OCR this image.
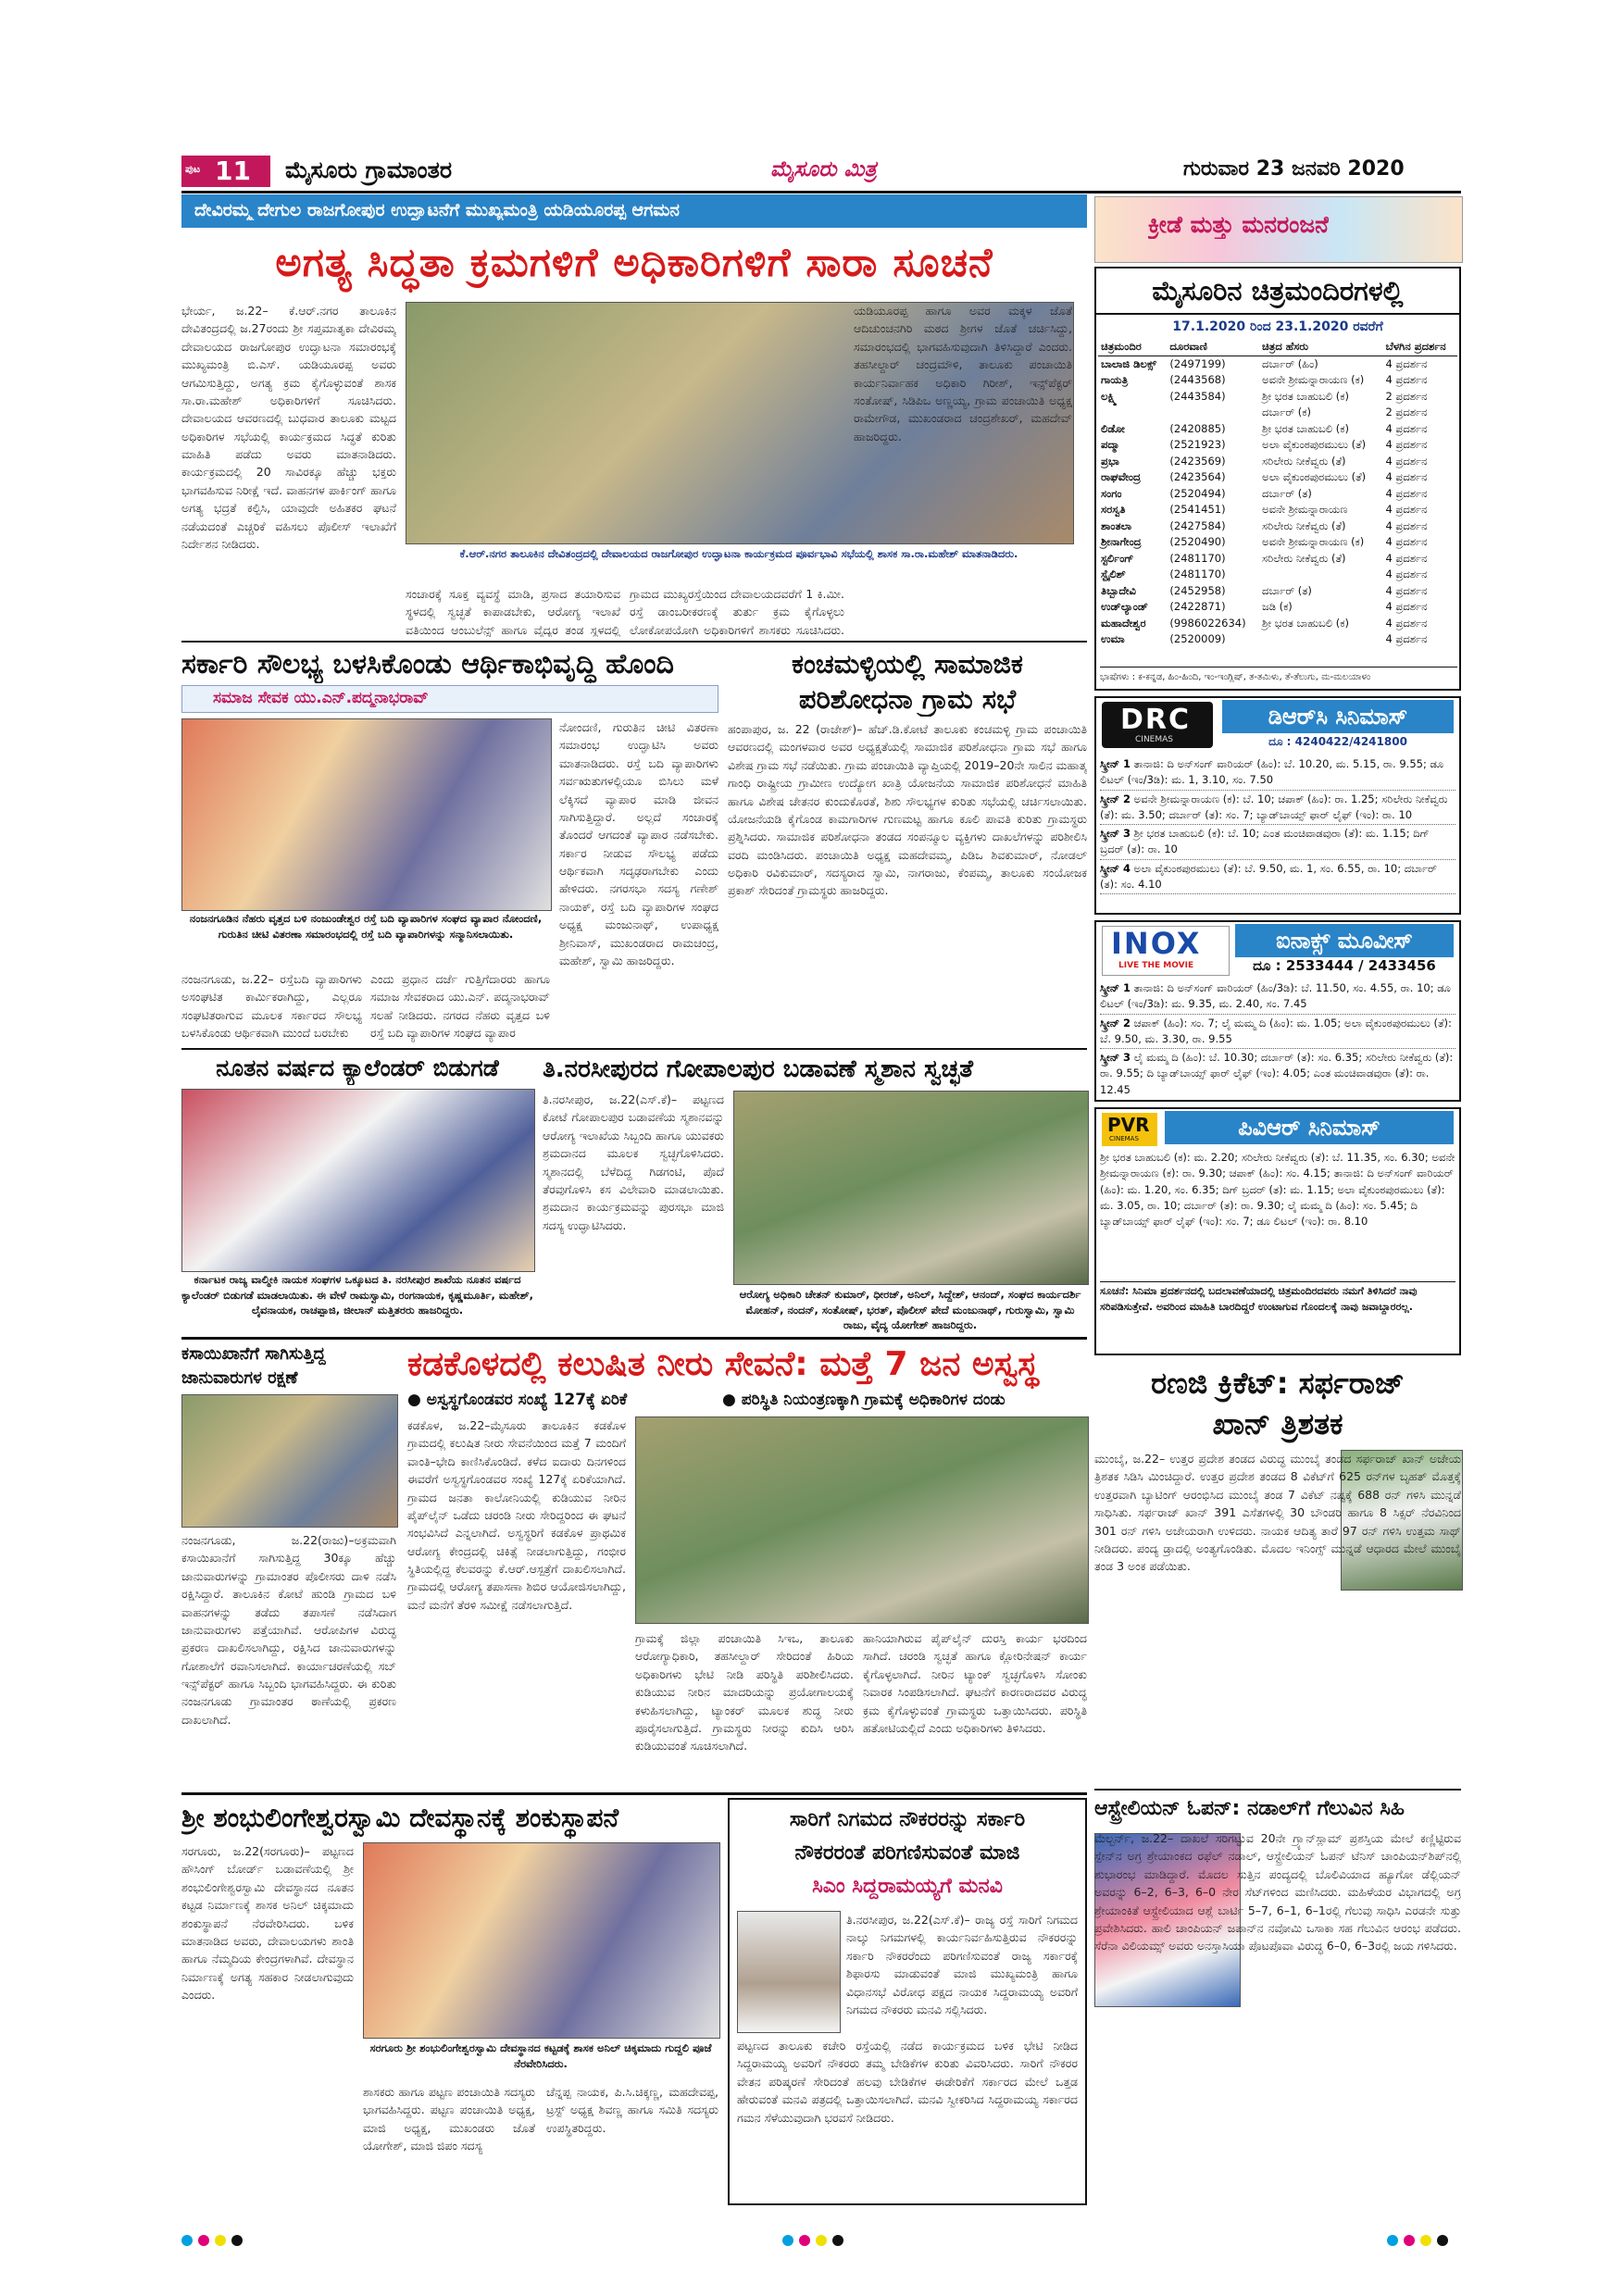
ಪುಟ 11 ಮೈಸೂರು ಗ್ರಾಮಾಂತರ	ಮೈಸೂರು ಮಿತ್ರ	ಗುರುವಾರ 23 ಜನವರಿ 2020
ದೇವಿರಮ್ಮ ದೇಗುಲ ರಾಜಗೋಪುರ ಉದ್ಘಾಟನೆಗೆ ಮುಖ್ಯಮಂತ್ರಿ ಯಡಿಯೂರಪ್ಪ ಆಗಮನ
ಅಗತ್ಯ ಸಿದ್ಧತಾ ಕ್ರಮಗಳಿಗೆ ಅಧಿಕಾರಿಗಳಿಗೆ ಸಾರಾ ಸೂಚನೆ
ಕ್ರೀಡೆ ಮತ್ತು ಮನರಂಜನೆ
ಭೇರ್ಯ, ಜ.22– ಕೆ.ಆರ್.ನಗರ ತಾಲೂಕಿನ ದೇವಿತಂದ್ರದಲ್ಲಿ ಜ.27ರಂದು ಶ್ರೀ ಸಪ್ತಮಾತೃಕಾ ದೇವಿರಮ್ಮ ದೇವಾಲಯದ ರಾಜಗೋಪುರ ಉದ್ಘಾಟನಾ ಸಮಾರಂಭಕ್ಕೆ ಮುಖ್ಯಮಂತ್ರಿ ಬಿ.ಎಸ್. ಯಡಿಯೂರಪ್ಪ ಅವರು ಆಗಮಿಸುತ್ತಿದ್ದು, ಅಗತ್ಯ ಕ್ರಮ ಕೈಗೊಳ್ಳುವಂತೆ ಶಾಸಕ ಸಾ.ರಾ.ಮಹೇಶ್ ಅಧಿಕಾರಿಗಳಿಗೆ ಸೂಚಿಸಿದರು. ದೇವಾಲಯದ ಆವರಣದಲ್ಲಿ ಬುಧವಾರ ತಾಲೂಕು ಮಟ್ಟದ ಅಧಿಕಾರಿಗಳ ಸಭೆಯಲ್ಲಿ ಕಾರ್ಯಕ್ರಮದ ಸಿದ್ಧತೆ ಕುರಿತು ಮಾಹಿತಿ ಪಡೆದು ಅವರು ಮಾತನಾಡಿದರು. ಕಾರ್ಯಕ್ರಮದಲ್ಲಿ 20 ಸಾವಿರಕ್ಕೂ ಹೆಚ್ಚು ಭಕ್ತರು ಭಾಗವಹಿಸುವ ನಿರೀಕ್ಷೆ ಇದೆ. ವಾಹನಗಳ ಪಾರ್ಕಿಂಗ್ ಹಾಗೂ ಅಗತ್ಯ ಭದ್ರತೆ ಕಲ್ಪಿಸಿ, ಯಾವುದೇ ಅಹಿತಕರ ಘಟನೆ ನಡೆಯದಂತೆ ಎಚ್ಚರಿಕೆ ವಹಿಸಲು ಪೊಲೀಸ್ ಇಲಾಖೆಗೆ ನಿರ್ದೇಶನ ನೀಡಿದರು.
ಕೆ.ಆರ್.ನಗರ ತಾಲೂಕಿನ ದೇವಿತಂದ್ರದಲ್ಲಿ ದೇವಾಲಯದ ರಾಜಗೋಪುರ ಉದ್ಘಾಟನಾ ಕಾರ್ಯಕ್ರಮದ ಪೂರ್ವಭಾವಿ ಸಭೆಯಲ್ಲಿ ಶಾಸಕ ಸಾ.ರಾ.ಮಹೇಶ್ ಮಾತನಾಡಿದರು.
ಸಂಚಾರಕ್ಕೆ ಸೂಕ್ತ ವ್ಯವಸ್ಥೆ ಮಾಡಿ, ಪ್ರಸಾದ ತಯಾರಿಸುವ ಸ್ಥಳದಲ್ಲಿ ಸ್ವಚ್ಛತೆ ಕಾಪಾಡಬೇಕು, ಆರೋಗ್ಯ ಇಲಾಖೆ ವತಿಯಿಂದ ಆಂಬುಲೆನ್ಸ್ ಹಾಗೂ ವೈದ್ಯರ ತಂಡ ಸ್ಥಳದಲ್ಲಿ
ಗ್ರಾಮದ ಮುಖ್ಯರಸ್ತೆಯಿಂದ ದೇವಾಲಯದವರೆಗೆ 1 ಕಿ.ಮೀ. ರಸ್ತೆ ಡಾಂಬರೀಕರಣಕ್ಕೆ ತುರ್ತು ಕ್ರಮ ಕೈಗೊಳ್ಳಲು ಲೋಕೋಪಯೋಗಿ ಅಧಿಕಾರಿಗಳಿಗೆ ಶಾಸಕರು ಸೂಚಿಸಿದರು.
ಯಡಿಯೂರಪ್ಪ ಹಾಗೂ ಅವರ ಮಕ್ಕಳ ಜೊತೆ ಆದಿಚುಂಚನಗಿರಿ ಮಠದ ಶ್ರೀಗಳ ಜೊತೆ ಚರ್ಚಿಸಿದ್ದು, ಸಮಾರಂಭದಲ್ಲಿ ಭಾಗವಹಿಸುವುದಾಗಿ ತಿಳಿಸಿದ್ದಾರೆ ಎಂದರು. ತಹಸೀಲ್ದಾರ್ ಚಂದ್ರಮೌಳಿ, ತಾಲೂಕು ಪಂಚಾಯಿತಿ ಕಾರ್ಯನಿರ್ವಾಹಕ ಅಧಿಕಾರಿ ಗಿರೀಶ್, ಇನ್ಸ್‌ಪೆಕ್ಟರ್ ಸಂತೋಷ್, ಸಿಡಿಪಿಒ ಅಣ್ಣಯ್ಯ, ಗ್ರಾಮ ಪಂಚಾಯಿತಿ ಅಧ್ಯಕ್ಷ ರಾಮೇಗೌಡ, ಮುಖಂಡರಾದ ಚಂದ್ರಶೇಖರ್, ಮಹದೇವ್ ಹಾಜರಿದ್ದರು.
ಸರ್ಕಾರಿ ಸೌಲಭ್ಯ ಬಳಸಿಕೊಂಡು ಆರ್ಥಿಕಾಭಿವೃದ್ಧಿ ಹೊಂದಿ
ಸಮಾಜ ಸೇವಕ ಯು.ಎನ್.ಪದ್ಮನಾಭರಾವ್
ನಂಜನಗೂಡಿನ ನೆಹರು ವೃತ್ತದ ಬಳಿ ನಂಜುಂಡೇಶ್ವರ ರಸ್ತೆ ಬದಿ ವ್ಯಾಪಾರಿಗಳ ಸಂಘದ ವ್ಯಾಪಾರ ನೋಂದಣಿ, ಗುರುತಿನ ಚೀಟಿ ವಿತರಣಾ ಸಮಾರಂಭದಲ್ಲಿ ರಸ್ತೆ ಬದಿ ವ್ಯಾಪಾರಿಗಳನ್ನು ಸನ್ಮಾನಿಸಲಾಯಿತು.
ನಂಜನಗೂಡು, ಜ.22– ರಸ್ತೆಬದಿ ವ್ಯಾಪಾರಿಗಳು ಅಸಂಘಟಿತ ಕಾರ್ಮಿಕರಾಗಿದ್ದು, ಎಲ್ಲರೂ ಸಂಘಟಿತರಾಗುವ ಮೂಲಕ ಸರ್ಕಾರದ ಸೌಲಭ್ಯ ಬಳಸಿಕೊಂಡು ಆರ್ಥಿಕವಾಗಿ ಮುಂದೆ ಬರಬೇಕು
ಎಂದು ಪ್ರಧಾನ ದರ್ಜೆ ಗುತ್ತಿಗೆದಾರರು ಹಾಗೂ ಸಮಾಜ ಸೇವಕರಾದ ಯು.ಎನ್. ಪದ್ಮನಾಭರಾವ್ ಸಲಹೆ ನೀಡಿದರು. ನಗರದ ನೆಹರು ವೃತ್ತದ ಬಳಿ ರಸ್ತೆ ಬದಿ ವ್ಯಾಪಾರಿಗಳ ಸಂಘದ ವ್ಯಾಪಾರ
ನೋಂದಣಿ, ಗುರುತಿನ ಚೀಟಿ ವಿತರಣಾ ಸಮಾರಂಭ ಉದ್ಘಾಟಿಸಿ ಅವರು ಮಾತನಾಡಿದರು. ರಸ್ತೆ ಬದಿ ವ್ಯಾಪಾರಿಗಳು ಸರ್ವಋತುಗಳಲ್ಲಿಯೂ ಬಿಸಿಲು ಮಳೆ ಲೆಕ್ಕಿಸದೆ ವ್ಯಾಪಾರ ಮಾಡಿ ಜೀವನ ಸಾಗಿಸುತ್ತಿದ್ದಾರೆ. ಅಲ್ಲದೆ ಸಂಚಾರಕ್ಕೆ ತೊಂದರೆ ಆಗದಂತೆ ವ್ಯಾಪಾರ ನಡೆಸಬೇಕು. ಸರ್ಕಾರ ನೀಡುವ ಸೌಲಭ್ಯ ಪಡೆದು ಆರ್ಥಿಕವಾಗಿ ಸದೃಢರಾಗಬೇಕು ಎಂದು ಹೇಳಿದರು. ನಗರಸಭಾ ಸದಸ್ಯ ಗಣೇಶ್ ನಾಯಕ್, ರಸ್ತೆ ಬದಿ ವ್ಯಾಪಾರಿಗಳ ಸಂಘದ ಅಧ್ಯಕ್ಷ ಮಂಜುನಾಥ್, ಉಪಾಧ್ಯಕ್ಷ ಶ್ರೀನಿವಾಸ್, ಮುಖಂಡರಾದ ರಾಮಚಂದ್ರ, ಮಹೇಶ್, ಸ್ವಾಮಿ ಹಾಜರಿದ್ದರು.
ನೂತನ ವರ್ಷದ ಕ್ಯಾಲೆಂಡರ್ ಬಿಡುಗಡೆ
ಕರ್ನಾಟಕ ರಾಜ್ಯ ವಾಲ್ಮೀಕಿ ನಾಯಕ ಸಂಘಗಳ ಒಕ್ಕೂಟದ ತಿ. ನರಸೀಪುರ ಶಾಖೆಯ ನೂತನ ವರ್ಷದ ಕ್ಯಾಲೆಂಡರ್ ಬಿಡುಗಡೆ ಮಾಡಲಾಯಿತು. ಈ ವೇಳೆ ರಾಮಸ್ವಾಮಿ, ರಂಗನಾಯಕ, ಕೃಷ್ಣಮೂರ್ತಿ, ಮಹೇಶ್, ಲೈವನಾಯಕ, ರಾಚಪ್ಪಾಜಿ, ಜೀಲಾನ್ ಮತ್ತಿತರರು ಹಾಜರಿದ್ದರು.
ಕಂಚಮಳ್ಳಿಯಲ್ಲಿ ಸಾಮಾಜಿಕ
ಪರಿಶೋಧನಾ ಗ್ರಾಮ ಸಭೆ
ಹಂಪಾಪುರ, ಜ. 22 (ರಾಜೇಶ್)– ಹೆಚ್.ಡಿ.ಕೋಟೆ ತಾಲೂಕು ಕಂಚಮಳ್ಳಿ ಗ್ರಾಮ ಪಂಚಾಯಿತಿ ಆವರಣದಲ್ಲಿ ಮಂಗಳವಾರ ಅವರ ಅಧ್ಯಕ್ಷತೆಯಲ್ಲಿ ಸಾಮಾಜಿಕ ಪರಿಶೋಧನಾ ಗ್ರಾಮ ಸಭೆ ಹಾಗೂ ವಿಶೇಷ ಗ್ರಾಮ ಸಭೆ ನಡೆಯಿತು. ಗ್ರಾಮ ಪಂಚಾಯಿತಿ ವ್ಯಾಪ್ತಿಯಲ್ಲಿ 2019–20ನೇ ಸಾಲಿನ ಮಹಾತ್ಮ ಗಾಂಧಿ ರಾಷ್ಟ್ರೀಯ ಗ್ರಾಮೀಣ ಉದ್ಯೋಗ ಖಾತ್ರಿ ಯೋಜನೆಯ ಸಾಮಾಜಿಕ ಪರಿಶೋಧನೆ ಮಾಹಿತಿ ಹಾಗೂ ವಿಶೇಷ ಚೇತನರ ಕುಂದುಕೊರತೆ, ಶಿಶು ಸೌಲಭ್ಯಗಳ ಕುರಿತು ಸಭೆಯಲ್ಲಿ ಚರ್ಚಿಸಲಾಯಿತು. ಯೋಜನೆಯಡಿ ಕೈಗೊಂಡ ಕಾಮಗಾರಿಗಳ ಗುಣಮಟ್ಟ ಹಾಗೂ ಕೂಲಿ ಪಾವತಿ ಕುರಿತು ಗ್ರಾಮಸ್ಥರು ಪ್ರಶ್ನಿಸಿದರು. ಸಾಮಾಜಿಕ ಪರಿಶೋಧನಾ ತಂಡದ ಸಂಪನ್ಮೂಲ ವ್ಯಕ್ತಿಗಳು ದಾಖಲೆಗಳನ್ನು ಪರಿಶೀಲಿಸಿ ವರದಿ ಮಂಡಿಸಿದರು. ಪಂಚಾಯಿತಿ ಅಧ್ಯಕ್ಷ ಮಹದೇವಮ್ಮ, ಪಿಡಿಒ ಶಿವಕುಮಾರ್, ನೋಡಲ್ ಅಧಿಕಾರಿ ರವಿಕುಮಾರ್, ಸದಸ್ಯರಾದ ಸ್ವಾಮಿ, ನಾಗರಾಜು, ಕೆಂಪಮ್ಮ, ತಾಲೂಕು ಸಂಯೋಜಕ ಪ್ರಕಾಶ್ ಸೇರಿದಂತೆ ಗ್ರಾಮಸ್ಥರು ಹಾಜರಿದ್ದರು.
ತಿ.ನರಸೀಪುರದ ಗೋಪಾಲಪುರ ಬಡಾವಣೆ ಸ್ಮಶಾನ ಸ್ವಚ್ಛತೆ
ತಿ.ನರಸೀಪುರ, ಜ.22(ಎಸ್.ಕೆ)– ಪಟ್ಟಣದ ಕೋಟೆ ಗೋಪಾಲಪುರ ಬಡಾವಣೆಯ ಸ್ಮಶಾನವನ್ನು ಆರೋಗ್ಯ ಇಲಾಖೆಯ ಸಿಬ್ಬಂದಿ ಹಾಗೂ ಯುವಕರು ಶ್ರಮದಾನದ ಮೂಲಕ ಸ್ವಚ್ಛಗೊಳಿಸಿದರು. ಸ್ಮಶಾನದಲ್ಲಿ ಬೆಳೆದಿದ್ದ ಗಿಡಗಂಟಿ, ಪೊದೆ ತೆರವುಗೊಳಿಸಿ ಕಸ ವಿಲೇವಾರಿ ಮಾಡಲಾಯಿತು. ಶ್ರಮದಾನ ಕಾರ್ಯಕ್ರಮವನ್ನು ಪುರಸಭಾ ಮಾಜಿ ಸದಸ್ಯ ಉದ್ಘಾಟಿಸಿದರು.
ಆರೋಗ್ಯ ಅಧಿಕಾರಿ ಚೇತನ್ ಕುಮಾರ್, ಧೀರಜ್, ಅನಿಲ್, ಸಿದ್ದೇಶ್, ಆನಂದ್, ಸಂಘದ ಕಾರ್ಯದರ್ಶಿ ಮೋಹನ್, ನಂದನ್, ಸಂತೋಷ್, ಭರತ್, ಪೊಲೀಸ್ ಪೇದೆ ಮಂಜುನಾಥ್, ಗುರುಸ್ವಾಮಿ, ಸ್ವಾಮಿ ರಾಜು, ವೈದ್ಯ ಯೋಗೇಶ್ ಹಾಜರಿದ್ದರು.
ಕಸಾಯಿಖಾನೆಗೆ ಸಾಗಿಸುತ್ತಿದ್ದ
ಜಾನುವಾರುಗಳ ರಕ್ಷಣೆ
ನಂಜನಗೂಡು, ಜ.22(ರಾಜು)–ಅಕ್ರಮವಾಗಿ ಕಸಾಯಿಖಾನೆಗೆ ಸಾಗಿಸುತ್ತಿದ್ದ 30ಕ್ಕೂ ಹೆಚ್ಚು ಜಾನುವಾರುಗಳನ್ನು ಗ್ರಾಮಾಂತರ ಪೊಲೀಸರು ದಾಳಿ ನಡೆಸಿ ರಕ್ಷಿಸಿದ್ದಾರೆ. ತಾಲೂಕಿನ ಕೋಟೆ ಹುಂಡಿ ಗ್ರಾಮದ ಬಳಿ ವಾಹನಗಳನ್ನು ತಡೆದು ತಪಾಸಣೆ ನಡೆಸಿದಾಗ ಜಾನುವಾರುಗಳು ಪತ್ತೆಯಾಗಿವೆ. ಆರೋಪಿಗಳ ವಿರುದ್ಧ ಪ್ರಕರಣ ದಾಖಲಿಸಲಾಗಿದ್ದು, ರಕ್ಷಿಸಿದ ಜಾನುವಾರುಗಳನ್ನು ಗೋಶಾಲೆಗೆ ರವಾನಿಸಲಾಗಿದೆ. ಕಾರ್ಯಾಚರಣೆಯಲ್ಲಿ ಸಬ್ ಇನ್ಸ್‌ಪೆಕ್ಟರ್ ಹಾಗೂ ಸಿಬ್ಬಂದಿ ಭಾಗವಹಿಸಿದ್ದರು. ಈ ಕುರಿತು ನಂಜನಗೂಡು ಗ್ರಾಮಾಂತರ ಠಾಣೆಯಲ್ಲಿ ಪ್ರಕರಣ ದಾಖಲಾಗಿದೆ.
ಕಡಕೊಳದಲ್ಲಿ ಕಲುಷಿತ ನೀರು ಸೇವನೆ: ಮತ್ತೆ 7 ಜನ ಅಸ್ವಸ್ಥ
● ಅಸ್ವಸ್ಥಗೊಂಡವರ ಸಂಖ್ಯೆ 127ಕ್ಕೆ ಏರಿಕೆ	● ಪರಿಸ್ಥಿತಿ ನಿಯಂತ್ರಣಕ್ಕಾಗಿ ಗ್ರಾಮಕ್ಕೆ ಅಧಿಕಾರಿಗಳ ದಂಡು
ಕಡಕೊಳ, ಜ.22–ಮೈಸೂರು ತಾಲೂಕಿನ ಕಡಕೊಳ ಗ್ರಾಮದಲ್ಲಿ ಕಲುಷಿತ ನೀರು ಸೇವನೆಯಿಂದ ಮತ್ತೆ 7 ಮಂದಿಗೆ ವಾಂತಿ–ಭೇದಿ ಕಾಣಿಸಿಕೊಂಡಿದೆ. ಕಳೆದ ಐದಾರು ದಿನಗಳಿಂದ ಈವರೆಗೆ ಅಸ್ವಸ್ಥಗೊಂಡವರ ಸಂಖ್ಯೆ 127ಕ್ಕೆ ಏರಿಕೆಯಾಗಿದೆ. ಗ್ರಾಮದ ಜನತಾ ಕಾಲೋನಿಯಲ್ಲಿ ಕುಡಿಯುವ ನೀರಿನ ಪೈಪ್‌ಲೈನ್ ಒಡೆದು ಚರಂಡಿ ನೀರು ಸೇರಿದ್ದರಿಂದ ಈ ಘಟನೆ ಸಂಭವಿಸಿದೆ ಎನ್ನಲಾಗಿದೆ. ಅಸ್ವಸ್ಥರಿಗೆ ಕಡಕೊಳ ಪ್ರಾಥಮಿಕ ಆರೋಗ್ಯ ಕೇಂದ್ರದಲ್ಲಿ ಚಿಕಿತ್ಸೆ ನೀಡಲಾಗುತ್ತಿದ್ದು, ಗಂಭೀರ ಸ್ಥಿತಿಯಲ್ಲಿದ್ದ ಕೆಲವರನ್ನು ಕೆ.ಆರ್.ಆಸ್ಪತ್ರೆಗೆ ದಾಖಲಿಸಲಾಗಿದೆ. ಗ್ರಾಮದಲ್ಲಿ ಆರೋಗ್ಯ ತಪಾಸಣಾ ಶಿಬಿರ ಆಯೋಜಿಸಲಾಗಿದ್ದು, ಮನೆ ಮನೆಗೆ ತೆರಳಿ ಸಮೀಕ್ಷೆ ನಡೆಸಲಾಗುತ್ತಿದೆ.
ಗ್ರಾಮಕ್ಕೆ ಜಿಲ್ಲಾ ಪಂಚಾಯಿತಿ ಸಿಇಒ, ತಾಲೂಕು ಆರೋಗ್ಯಾಧಿಕಾರಿ, ತಹಸೀಲ್ದಾರ್ ಸೇರಿದಂತೆ ಹಿರಿಯ ಅಧಿಕಾರಿಗಳು ಭೇಟಿ ನೀಡಿ ಪರಿಸ್ಥಿತಿ ಪರಿಶೀಲಿಸಿದರು. ಕುಡಿಯುವ ನೀರಿನ ಮಾದರಿಯನ್ನು ಪ್ರಯೋಗಾಲಯಕ್ಕೆ ಕಳುಹಿಸಲಾಗಿದ್ದು, ಟ್ಯಾಂಕರ್ ಮೂಲಕ ಶುದ್ಧ ನೀರು ಪೂರೈಸಲಾಗುತ್ತಿದೆ. ಗ್ರಾಮಸ್ಥರು ನೀರನ್ನು ಕುದಿಸಿ ಆರಿಸಿ ಕುಡಿಯುವಂತೆ ಸೂಚಿಸಲಾಗಿದೆ.
ಹಾನಿಯಾಗಿರುವ ಪೈಪ್‌ಲೈನ್ ದುರಸ್ತಿ ಕಾರ್ಯ ಭರದಿಂದ ಸಾಗಿದೆ. ಚರಂಡಿ ಸ್ವಚ್ಛತೆ ಹಾಗೂ ಕ್ಲೋರಿನೇಷನ್ ಕಾರ್ಯ ಕೈಗೊಳ್ಳಲಾಗಿದೆ. ನೀರಿನ ಟ್ಯಾಂಕ್ ಸ್ವಚ್ಛಗೊಳಿಸಿ ಸೋಂಕು ನಿವಾರಕ ಸಿಂಪಡಿಸಲಾಗಿದೆ. ಘಟನೆಗೆ ಕಾರಣರಾದವರ ವಿರುದ್ಧ ಕ್ರಮ ಕೈಗೊಳ್ಳುವಂತೆ ಗ್ರಾಮಸ್ಥರು ಒತ್ತಾಯಿಸಿದರು. ಪರಿಸ್ಥಿತಿ ಹತೋಟಿಯಲ್ಲಿದೆ ಎಂದು ಅಧಿಕಾರಿಗಳು ತಿಳಿಸಿದರು.
ಶ್ರೀ ಶಂಭುಲಿಂಗೇಶ್ವರಸ್ವಾಮಿ ದೇವಸ್ಥಾನಕ್ಕೆ ಶಂಕುಸ್ಥಾಪನೆ
ಸರಗೂರು, ಜ.22(ಸರಗೂರು)– ಪಟ್ಟಣದ ಹೌಸಿಂಗ್ ಬೋರ್ಡ್ ಬಡಾವಣೆಯಲ್ಲಿ ಶ್ರೀ ಶಂಭುಲಿಂಗೇಶ್ವರಸ್ವಾಮಿ ದೇವಸ್ಥಾನದ ನೂತನ ಕಟ್ಟಡ ನಿರ್ಮಾಣಕ್ಕೆ ಶಾಸಕ ಅನಿಲ್ ಚಿಕ್ಕಮಾದು ಶಂಕುಸ್ಥಾಪನೆ ನೆರವೇರಿಸಿದರು. ಬಳಿಕ ಮಾತನಾಡಿದ ಅವರು, ದೇವಾಲಯಗಳು ಶಾಂತಿ ಹಾಗೂ ನೆಮ್ಮದಿಯ ಕೇಂದ್ರಗಳಾಗಿವೆ. ದೇವಸ್ಥಾನ ನಿರ್ಮಾಣಕ್ಕೆ ಅಗತ್ಯ ಸಹಕಾರ ನೀಡಲಾಗುವುದು ಎಂದರು.
ಸರಗೂರು ಶ್ರೀ ಶಂಭುಲಿಂಗೇಶ್ವರಸ್ವಾಮಿ ದೇವಸ್ಥಾನದ ಕಟ್ಟಡಕ್ಕೆ ಶಾಸಕ ಅನಿಲ್ ಚಿಕ್ಕಮಾದು ಗುದ್ದಲಿ ಪೂಜೆ ನೆರವೇರಿಸಿದರು.
ಶಾಸಕರು ಹಾಗೂ ಪಟ್ಟಣ ಪಂಚಾಯಿತಿ ಸದಸ್ಯರು ಭಾಗವಹಿಸಿದ್ದರು. ಪಟ್ಟಣ ಪಂಚಾಯಿತಿ ಅಧ್ಯಕ್ಷ, ಮಾಜಿ ಅಧ್ಯಕ್ಷ, ಮುಖಂಡರು ಜೊತೆ ಯೋಗೇಶ್, ಮಾಜಿ ಜಿಪಂ ಸದಸ್ಯ
ಚೆನ್ನಪ್ಪ ನಾಯಕ, ಪಿ.ಸಿ.ಚಿಕ್ಕಣ್ಣ, ಮಹದೇವಪ್ಪ, ಟ್ರಸ್ಟ್ ಅಧ್ಯಕ್ಷ ಶಿವಣ್ಣ ಹಾಗೂ ಸಮಿತಿ ಸದಸ್ಯರು ಉಪಸ್ಥಿತರಿದ್ದರು.
ಸಾರಿಗೆ ನಿಗಮದ ನೌಕರರನ್ನು ಸರ್ಕಾರಿ
ನೌಕರರಂತೆ ಪರಿಗಣಿಸುವಂತೆ ಮಾಜಿ
ಸಿಎಂ ಸಿದ್ದರಾಮಯ್ಯಗೆ ಮನವಿ
ತಿ.ನರಸೀಪುರ, ಜ.22(ಎಸ್.ಕೆ)– ರಾಜ್ಯ ರಸ್ತೆ ಸಾರಿಗೆ ನಿಗಮದ ನಾಲ್ಕು ನಿಗಮಗಳಲ್ಲಿ ಕಾರ್ಯನಿರ್ವಹಿಸುತ್ತಿರುವ ನೌಕರರನ್ನು ಸರ್ಕಾರಿ ನೌಕರರೆಂದು ಪರಿಗಣಿಸುವಂತೆ ರಾಜ್ಯ ಸರ್ಕಾರಕ್ಕೆ ಶಿಫಾರಸು ಮಾಡುವಂತೆ ಮಾಜಿ ಮುಖ್ಯಮಂತ್ರಿ ಹಾಗೂ ವಿಧಾನಸಭೆ ವಿರೋಧ ಪಕ್ಷದ ನಾಯಕ ಸಿದ್ದರಾಮಯ್ಯ ಅವರಿಗೆ ನಿಗಮದ ನೌಕರರು ಮನವಿ ಸಲ್ಲಿಸಿದರು.
ಪಟ್ಟಣದ ತಾಲೂಕು ಕಚೇರಿ ರಸ್ತೆಯಲ್ಲಿ ನಡೆದ ಕಾರ್ಯಕ್ರಮದ ಬಳಿಕ ಭೇಟಿ ನೀಡಿದ ಸಿದ್ದರಾಮಯ್ಯ ಅವರಿಗೆ ನೌಕರರು ತಮ್ಮ ಬೇಡಿಕೆಗಳ ಕುರಿತು ವಿವರಿಸಿದರು. ಸಾರಿಗೆ ನೌಕರರ ವೇತನ ಪರಿಷ್ಕರಣೆ ಸೇರಿದಂತೆ ಹಲವು ಬೇಡಿಕೆಗಳ ಈಡೇರಿಕೆಗೆ ಸರ್ಕಾರದ ಮೇಲೆ ಒತ್ತಡ ಹೇರುವಂತೆ ಮನವಿ ಪತ್ರದಲ್ಲಿ ಒತ್ತಾಯಿಸಲಾಗಿದೆ. ಮನವಿ ಸ್ವೀಕರಿಸಿದ ಸಿದ್ದರಾಮಯ್ಯ ಸರ್ಕಾರದ ಗಮನ ಸೆಳೆಯುವುದಾಗಿ ಭರವಸೆ ನೀಡಿದರು.
ಮೈಸೂರಿನ ಚಿತ್ರಮಂದಿರಗಳಲ್ಲಿ
17.1.2020 ರಿಂದ 23.1.2020 ರವರೆಗೆ
ಚಿತ್ರಮಂದಿರ	ದೂರವಾಣಿ	ಚಿತ್ರದ ಹೆಸರು	ಬೆಳಗಿನ ಪ್ರದರ್ಶನ
ಬಾಲಾಜಿ ಡಿಲಕ್ಸ್	(2497199)	ದರ್ಬಾರ್ (ಹಿಂ)	4 ಪ್ರದರ್ಶನ
ಗಾಯತ್ರಿ	(2443568)	ಅವನೇ ಶ್ರೀಮನ್ನಾರಾಯಣ (ಕ)	4 ಪ್ರದರ್ಶನ
ಲಕ್ಷ್ಮಿ	(2443584)	ಶ್ರೀ ಭರತ ಬಾಹುಬಲಿ (ಕ)	2 ಪ್ರದರ್ಶನ
		ದರ್ಬಾರ್ (ಕ)	2 ಪ್ರದರ್ಶನ
ಲಿಡೋ	(2420885)	ಶ್ರೀ ಭರತ ಬಾಹುಬಲಿ (ಕ)	4 ಪ್ರದರ್ಶನ
ಪದ್ಮಾ	(2521923)	ಅಲಾ ವೈಕುಂಠಪುರಮುಲು (ತೆ)	4 ಪ್ರದರ್ಶನ
ಪ್ರಭಾ	(2423569)	ಸರಿಲೇರು ನೀಕೆವ್ವರು (ತೆ)	4 ಪ್ರದರ್ಶನ
ರಾಘವೇಂದ್ರ	(2423564)	ಅಲಾ ವೈಕುಂಠಪುರಮುಲು (ತೆ)	4 ಪ್ರದರ್ಶನ
ಸಂಗಂ	(2520494)	ದರ್ಬಾರ್ (ತ)	4 ಪ್ರದರ್ಶನ
ಸರಸ್ವತಿ	(2541451)	ಅವನೇ ಶ್ರೀಮನ್ನಾರಾಯಣ	4 ಪ್ರದರ್ಶನ
ಶಾಂತಲಾ	(2427584)	ಸರಿಲೇರು ನೀಕೆವ್ವರು (ತೆ)	4 ಪ್ರದರ್ಶನ
ಶ್ರೀನಾಗೇಂದ್ರ	(2520490)	ಅವನೇ ಶ್ರೀಮನ್ನಾರಾಯಣ (ಕ)	4 ಪ್ರದರ್ಶನ
ಸ್ಟರ್ಲಿಂಗ್	(2481170)	ಸರಿಲೇರು ನೀಕೆವ್ವರು (ತೆ)	4 ಪ್ರದರ್ಶನ
ಸ್ಟೈಲಿಶ್	(2481170)		4 ಪ್ರದರ್ಶನ
ತಿಬ್ಬಾದೇವಿ	(2452958)	ದರ್ಬಾರ್ (ತ)	4 ಪ್ರದರ್ಶನ
ಉಡ್‌ಲ್ಯಾಂಡ್	(2422871)	ಜಡಿ (ಕ)	4 ಪ್ರದರ್ಶನ
ಮಹಾದೇಶ್ವರ	(9986022634)	ಶ್ರೀ ಭರತ ಬಾಹುಬಲಿ (ಕ)	4 ಪ್ರದರ್ಶನ
ಉಮಾ	(2520009)		4 ಪ್ರದರ್ಶನ
ಭಾಷೆಗಳು : ಕ-ಕನ್ನಡ, ಹಿಂ-ಹಿಂದಿ, ಇಂ-ಇಂಗ್ಲಿಷ್, ತ-ತಮಿಳು, ತೆ-ತೆಲುಗು, ಮ-ಮಲಯಾಳಂ
DRC
CINEMAS
ಡಿಆರ್‌ಸಿ ಸಿನಿಮಾಸ್
ದೂ : 4240422/4241800
ಸ್ಕ್ರೀನ್ 1 ತಾನಾಜಿ: ದಿ ಅನ್‌ಸಂಗ್ ವಾರಿಯರ್ (ಹಿಂ): ಬೆ. 10.20, ಮ. 5.15, ರಾ. 9.55; ಡೂ ಲಿಟಲ್ (ಇಂ/3ಡಿ): ಮ. 1, 3.10, ಸಂ. 7.50
ಸ್ಕ್ರೀನ್ 2 ಅವನೇ ಶ್ರೀಮನ್ನಾರಾಯಣ (ಕ): ಬೆ. 10; ಚಪಾಕ್ (ಹಿಂ): ರಾ. 1.25; ಸರಿಲೇರು ನೀಕೆವ್ವರು (ತೆ): ಮ. 3.50; ದರ್ಬಾರ್ (ತ): ಸಂ. 7; ಬ್ಯಾಡ್‌ಬಾಯ್ಸ್ ಫಾರ್ ಲೈಫ್ (ಇಂ): ರಾ. 10
ಸ್ಕ್ರೀನ್ 3 ಶ್ರೀ ಭರತ ಬಾಹುಬಲಿ (ಕ): ಬೆ. 10; ಎಂತ ಮಂಚಿವಾಡವುರಾ (ತೆ): ಮ. 1.15; ದಿಗ್ ಬ್ರದರ್ (ತ): ರಾ. 10
ಸ್ಕ್ರೀನ್ 4 ಅಲಾ ವೈಕುಂಠಪುರಮುಲು (ತೆ): ಬೆ. 9.50, ಮ. 1, ಸಂ. 6.55, ರಾ. 10; ದರ್ಬಾರ್ (ತ): ಸಂ. 4.10
INOX
LIVE THE MOVIE
ಐನಾಕ್ಸ್ ಮೂವೀಸ್
ದೂ : 2533444 / 2433456
ಸ್ಕ್ರೀನ್ 1 ತಾನಾಜಿ: ದಿ ಅನ್‌ಸಂಗ್ ವಾರಿಯರ್ (ಹಿಂ/3ಡಿ): ಬೆ. 11.50, ಸಂ. 4.55, ರಾ. 10; ಡೂ ಲಿಟಲ್ (ಇಂ/3ಡಿ): ಮ. 9.35, ಮ. 2.40, ಸಂ. 7.45
ಸ್ಕ್ರೀನ್ 2 ಚಪಾಕ್ (ಹಿಂ): ಸಂ. 7; ಲೈ ಮಮ್ಮ ದಿ (ಹಿಂ): ಮ. 1.05; ಅಲಾ ವೈಕುಂಠಪುರಮುಲು (ತೆ): ಬೆ. 9.50, ಮ. 3.30, ರಾ. 9.55
ಸ್ಕ್ರೀನ್ 3 ಲೈ ಮಮ್ಮ ದಿ (ಹಿಂ): ಬೆ. 10.30; ದರ್ಬಾರ್ (ತ): ಸಂ. 6.35; ಸರಿಲೇರು ನೀಕೆವ್ವರು (ತೆ): ರಾ. 9.55; ದಿ ಬ್ಯಾಡ್‌ಬಾಯ್ಸ್ ಫಾರ್ ಲೈಫ್ (ಇಂ): 4.05; ಎಂತ ಮಂಚಿವಾಡವುರಾ (ತೆ): ರಾ. 12.45
PVR
CINEMAS	ಪಿವಿಆರ್ ಸಿನಿಮಾಸ್
ಶ್ರೀ ಭರತ ಬಾಹುಬಲಿ (ಕ): ಮ. 2.20; ಸರಿಲೇರು ನೀಕೆವ್ವರು (ತೆ): ಬೆ. 11.35, ಸಂ. 6.30; ಅವನೇ ಶ್ರೀಮನ್ನಾರಾಯಣ (ಕ): ರಾ. 9.30; ಚಪಾಕ್ (ಹಿಂ): ಸಂ. 4.15; ತಾನಾಜಿ: ದಿ ಅನ್‌ಸಂಗ್ ವಾರಿಯರ್ (ಹಿಂ): ಮ. 1.20, ಸಂ. 6.35; ದಿಗ್ ಬ್ರದರ್ (ತ): ಮ. 1.15; ಅಲಾ ವೈಕುಂಠಪುರಮುಲು (ತೆ): ಮ. 3.05, ರಾ. 10; ದರ್ಬಾರ್ (ತ): ರಾ. 9.30; ಲೈ ಮಮ್ಮ ದಿ (ಹಿಂ): ಸಂ. 5.45; ದಿ ಬ್ಯಾಡ್‌ಬಾಯ್ಸ್ ಫಾರ್ ಲೈಫ್ (ಇಂ): ಸಂ. 7; ಡೂ ಲಿಟಲ್ (ಇಂ): ರಾ. 8.10
ಸೂಚನೆ: ಸಿನಿಮಾ ಪ್ರದರ್ಶನದಲ್ಲಿ ಬದಲಾವಣೆಯಾದಲ್ಲಿ ಚಿತ್ರಮಂದಿರದವರು ನಮಗೆ ತಿಳಿಸಿದರೆ ನಾವು ಸರಿಪಡಿಸುತ್ತೇವೆ. ಅವರಿಂದ ಮಾಹಿತಿ ಬಾರದಿದ್ದರೆ ಉಂಟಾಗುವ ಗೊಂದಲಕ್ಕೆ ನಾವು ಜವಾಬ್ದಾರರಲ್ಲ.
ರಣಜಿ ಕ್ರಿಕೆಟ್: ಸರ್ಫರಾಜ್
ಖಾನ್ ತ್ರಿಶತಕ
ಮುಂಬೈ, ಜ.22– ಉತ್ತರ ಪ್ರದೇಶ ತಂಡದ ವಿರುದ್ಧ ಮುಂಬೈ ತಂಡದ ಸರ್ಫರಾಜ್ ಖಾನ್ ಅಜೇಯ ತ್ರಿಶತಕ ಸಿಡಿಸಿ ಮಿಂಚಿದ್ದಾರೆ. ಉತ್ತರ ಪ್ರದೇಶ ತಂಡದ 8 ವಿಕೆಟ್‌ಗೆ 625 ರನ್‌ಗಳ ಬೃಹತ್ ಮೊತ್ತಕ್ಕೆ ಉತ್ತರವಾಗಿ ಬ್ಯಾಟಿಂಗ್ ಆರಂಭಿಸಿದ ಮುಂಬೈ ತಂಡ 7 ವಿಕೆಟ್ ನಷ್ಟಕ್ಕೆ 688 ರನ್ ಗಳಿಸಿ ಮುನ್ನಡೆ ಸಾಧಿಸಿತು. ಸರ್ಫರಾಜ್ ಖಾನ್ 391 ಎಸೆತಗಳಲ್ಲಿ 30 ಬೌಂಡರಿ ಹಾಗೂ 8 ಸಿಕ್ಸರ್ ನೆರವಿನಿಂದ 301 ರನ್ ಗಳಿಸಿ ಅಜೇಯರಾಗಿ ಉಳಿದರು. ನಾಯಕ ಆದಿತ್ಯ ತಾರೆ 97 ರನ್ ಗಳಿಸಿ ಉತ್ತಮ ಸಾಥ್ ನೀಡಿದರು. ಪಂದ್ಯ ಡ್ರಾದಲ್ಲಿ ಅಂತ್ಯಗೊಂಡಿತು. ಮೊದಲ ಇನಿಂಗ್ಸ್ ಮುನ್ನಡೆ ಆಧಾರದ ಮೇಲೆ ಮುಂಬೈ ತಂಡ 3 ಅಂಕ ಪಡೆಯಿತು.
ಆಸ್ಟ್ರೇಲಿಯನ್ ಓಪನ್: ನಡಾಲ್‌ಗೆ ಗೆಲುವಿನ ಸಿಹಿ
ಮೆಲ್ಬರ್ನ್, ಜ.22– ದಾಖಲೆ ಸರಿಗಟ್ಟುವ 20ನೇ ಗ್ರ್ಯಾನ್‌ಸ್ಲಾಮ್ ಪ್ರಶಸ್ತಿಯ ಮೇಲೆ ಕಣ್ಣಿಟ್ಟಿರುವ ಸ್ಪೇನ್‌ನ ಅಗ್ರ ಶ್ರೇಯಾಂಕದ ರಫೆಲ್ ನಡಾಲ್, ಆಸ್ಟ್ರೇಲಿಯನ್ ಓಪನ್ ಟೆನಿಸ್ ಚಾಂಪಿಯನ್‌ಶಿಪ್‌ನಲ್ಲಿ ಶುಭಾರಂಭ ಮಾಡಿದ್ದಾರೆ. ಮೊದಲ ಸುತ್ತಿನ ಪಂದ್ಯದಲ್ಲಿ ಬೊಲಿವಿಯಾದ ಹ್ಯೂಗೋ ಡೆಲ್ಲಿಯನ್ ಅವರನ್ನು 6–2, 6–3, 6–0 ನೇರ ಸೆಟ್‌ಗಳಿಂದ ಮಣಿಸಿದರು. ಮಹಿಳೆಯರ ವಿಭಾಗದಲ್ಲಿ ಅಗ್ರ ಶ್ರೇಯಾಂಕಿತೆ ಆಸ್ಟ್ರೇಲಿಯಾದ ಆಶ್ಲೆ ಬಾರ್ಟಿ 5–7, 6–1, 6–1ರಲ್ಲಿ ಗೆಲುವು ಸಾಧಿಸಿ ಎರಡನೇ ಸುತ್ತು ಪ್ರವೇಶಿಸಿದರು. ಹಾಲಿ ಚಾಂಪಿಯನ್ ಜಪಾನ್‌ನ ನವೋಮಿ ಒಸಾಕಾ ಸಹ ಗೆಲುವಿನ ಆರಂಭ ಪಡೆದರು. ಸೆರೆನಾ ವಿಲಿಯಮ್ಸ್ ಅವರು ಅನಸ್ತಾಸಿಯಾ ಪೊಟಪೊವಾ ವಿರುದ್ಧ 6–0, 6–3ರಲ್ಲಿ ಜಯ ಗಳಿಸಿದರು.
